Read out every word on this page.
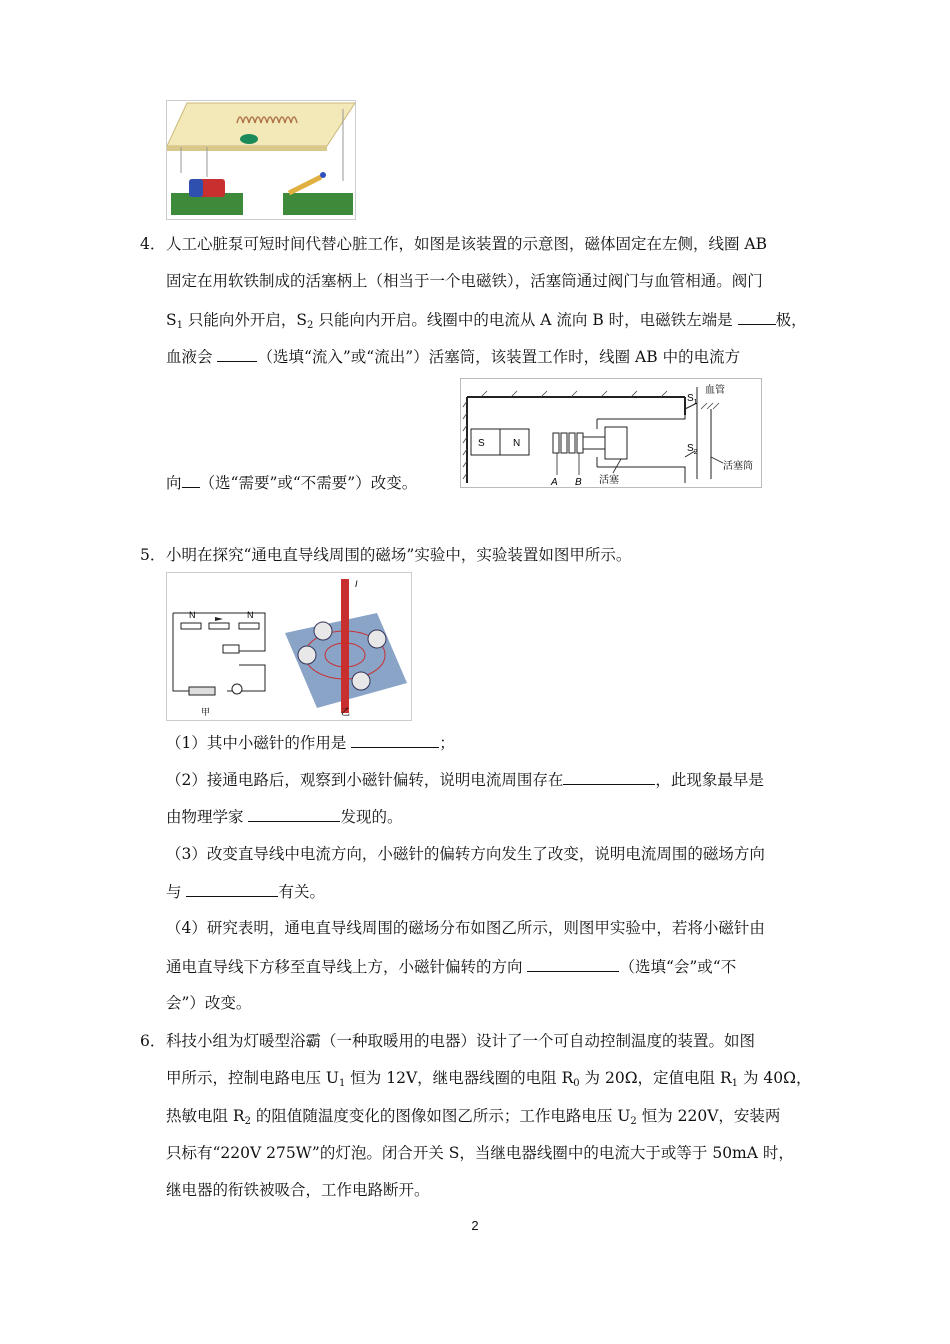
4． 人工心脏泵可短时间代替心脏工作，如图是该装置的示意图，磁体固定在左侧，线圈 AB
固定在用软铁制成的活塞柄上（相当于一个电磁铁），活塞筒通过阀门与血管相通。阀门
$S_1$ 只能向外开启，$S_2$ 只能向内开启。线圈中的电流从 A 流向 B 时，电磁铁左端是 极，
血液会	（选填“流入”或“流出”）活塞筒，该装置工作时，线圈 AB 中的电流方
S	N
A B
血管
$S_1$
$S_2$
活塞筒
活塞
向 （选“需要”或“不需要”）改变。
5． 小明在探究“通电直导线周围的磁场”实验中，实验装置如图甲所示。
N	N
甲
I
乙
（1）其中小磁针的作用是	；
（2）接通电路后，观察到小磁针偏转，说明电流周围存在	，此现象最早是
由物理学家	发现的。
（3）改变直导线中电流方向，小磁针的偏转方向发生了改变，说明电流周围的磁场方向
与	有关。
（4）研究表明，通电直导线周围的磁场分布如图乙所示，则图甲实验中，若将小磁针由
通电直导线下方移至直导线上方，小磁针偏转的方向	（选填“会”或“不
会”）改变。
6． 科技小组为灯暖型浴霸（一种取暖用的电器）设计了一个可自动控制温度的装置。如图
甲所示，控制电路电压 $U_1$ 恒为 12V，继电器线圈的电阻 $R_0$ 为 20Ω，定值电阻 $R_1$ 为 40Ω，
热敏电阻 $R_2$ 的阻值随温度变化的图像如图乙所示；工作电路电压 $U_2$ 恒为 220V，安装两
只标有“220V 275W”的灯泡。闭合开关 S，当继电器线圈中的电流大于或等于 50mA 时，
继电器的衔铁被吸合，工作电路断开。
2
